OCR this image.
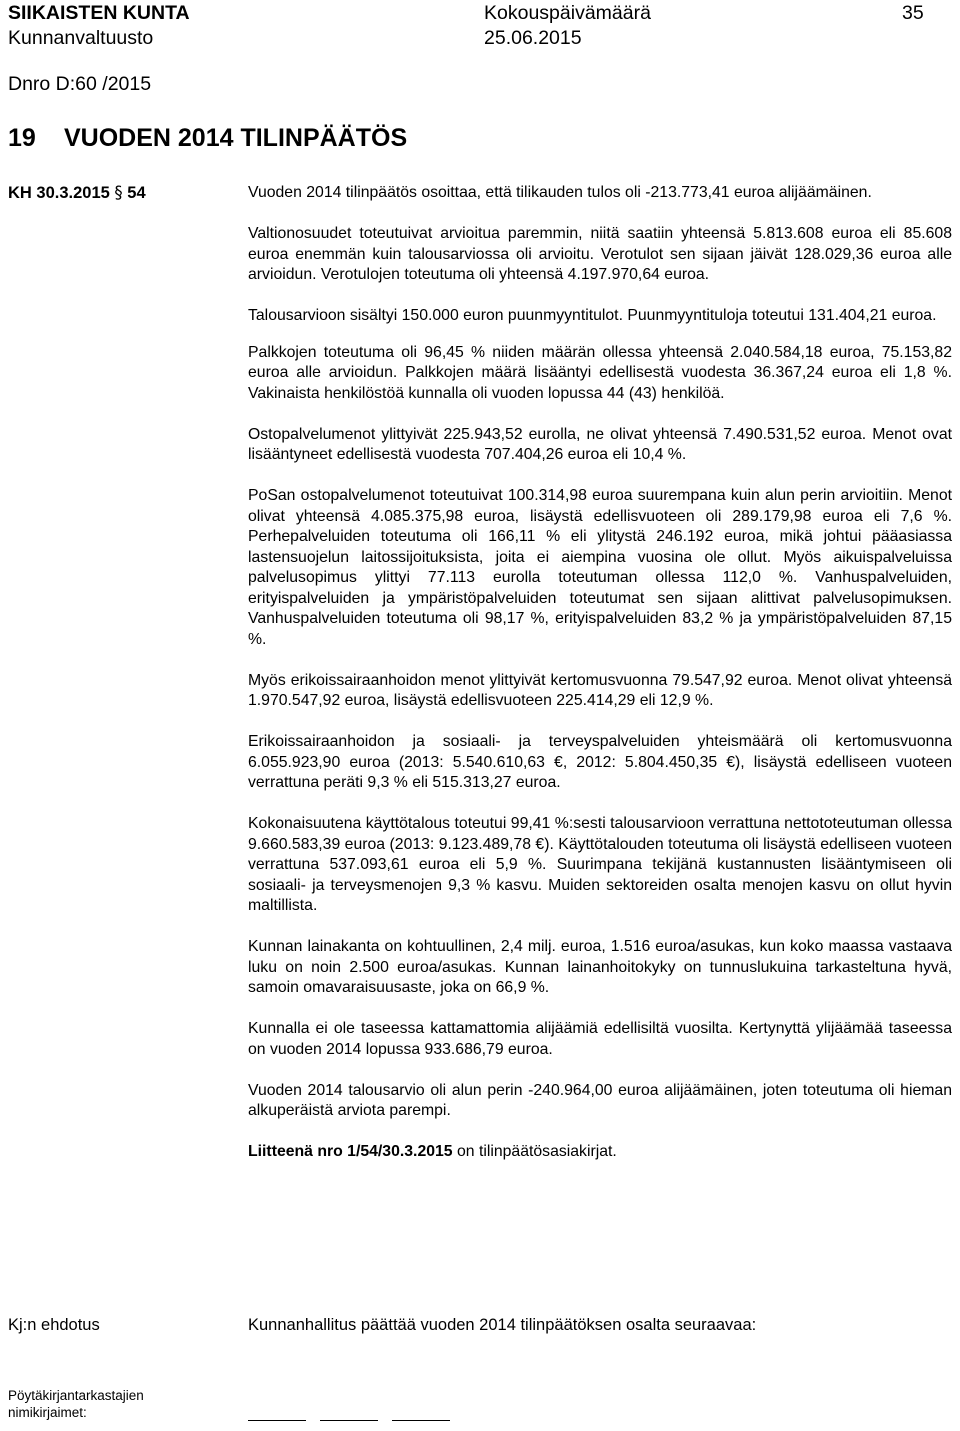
SIIKAISTEN KUNTA
Kunnanvaltuusto
Kokouspäivämäärä
25.06.2015
35
Dnro D:60 /2015
19 VUODEN 2014 TILINPÄÄTÖS
KH 30.3.2015 § 54	Vuoden 2014 tilinpäätös osoittaa, että tilikauden tulos oli -213.773,41 euroa alijäämäinen.

Valtionosuudet toteutuivat arvioitua paremmin, niitä saatiin yhteensä 5.813.608 euroa eli 85.608 euroa enemmän kuin talousarviossa oli arvioitu. Verotulot sen sijaan jäivät 128.029,36 euroa alle arvioidun. Verotulojen toteutuma oli yhteensä 4.197.970,64 euroa.

Talousarvioon sisältyi 150.000 euron puunmyyntitulot. Puunmyyntituloja toteutui 131.404,21 euroa.

Palkkojen toteutuma oli 96,45 % niiden määrän ollessa yhteensä 2.040.584,18 euroa, 75.153,82 euroa alle arvioidun. Palkkojen määrä lisääntyi edellisestä vuodesta 36.367,24 euroa eli 1,8 %. Vakinaista henkilöstöä kunnalla oli vuoden lopussa 44 (43) henkilöä.

Ostopalvelumenot ylittyivät 225.943,52 eurolla, ne olivat yhteensä 7.490.531,52 euroa. Menot ovat lisääntyneet edellisestä vuodesta 707.404,26 euroa eli 10,4 %.

PoSan ostopalvelumenot toteutuivat 100.314,98 euroa suurempana kuin alun perin arvioitiin. Menot olivat yhteensä 4.085.375,98 euroa, lisäystä edellisvuoteen oli 289.179,98 euroa eli 7,6 %. Perhepalveluiden toteutuma oli 166,11 % eli ylitystä 246.192 euroa, mikä johtui pääasiassa lastensuojelun laitossijoituksista, joita ei aiempina vuosina ole ollut. Myös aikuispalveluissa palvelusopimus ylittyi 77.113 eurolla toteutuman ollessa 112,0 %. Vanhuspalveluiden, erityispalveluiden ja ympäristöpalveluiden toteutumat sen sijaan alittivat palvelusopimuksen. Vanhuspalveluiden toteutuma oli 98,17 %, erityispalveluiden 83,2 % ja ympäristöpalveluiden 87,15 %.

Myös erikoissairaanhoidon menot ylittyivät kertomusvuonna 79.547,92 euroa. Menot olivat yhteensä 1.970.547,92 euroa, lisäystä edellisvuoteen 225.414,29 eli 12,9 %.

Erikoissairaanhoidon ja sosiaali- ja terveyspalveluiden yhteismäärä oli kertomusvuonna 6.055.923,90 euroa (2013: 5.540.610,63 €, 2012: 5.804.450,35 €), lisäystä edelliseen vuoteen verrattuna peräti 9,3 % eli 515.313,27 euroa.

Kokonaisuutena käyttötalous toteutui 99,41 %:sesti talousarvioon verrattuna nettototeutuman ollessa 9.660.583,39 euroa (2013: 9.123.489,78 €). Käyttötalouden toteutuma oli lisäystä edelliseen vuoteen verrattuna 537.093,61 euroa eli 5,9 %. Suurimpana tekijänä kustannusten lisääntymiseen oli sosiaali- ja terveysmenojen 9,3 % kasvu. Muiden sektoreiden osalta menojen kasvu on ollut hyvin maltillista.

Kunnan lainakanta on kohtuullinen, 2,4 milj. euroa, 1.516 euroa/asukas, kun koko maassa vastaava luku on noin 2.500 euroa/asukas. Kunnan lainanhoitokyky on tunnuslukuina tarkasteltuna hyvä, samoin omavaraisuusaste, joka on 66,9 %.

Kunnalla ei ole taseessa kattamattomia alijäämiä edellisiltä vuosilta. Kertynyttä ylijäämää taseessa on vuoden 2014 lopussa 933.686,79 euroa.

Vuoden 2014 talousarvio oli alun perin -240.964,00 euroa alijäämäinen, joten toteutuma oli hieman alkuperäistä arviota parempi.

Liitteenä nro 1/54/30.3.2015 on tilinpäätösasiakirjat.

Kj:n ehdotus	Kunnanhallitus päättää vuoden 2014 tilinpäätöksen osalta seuraavaa:
Pöytäkirjantarkastajien
nimikirjaimet:
